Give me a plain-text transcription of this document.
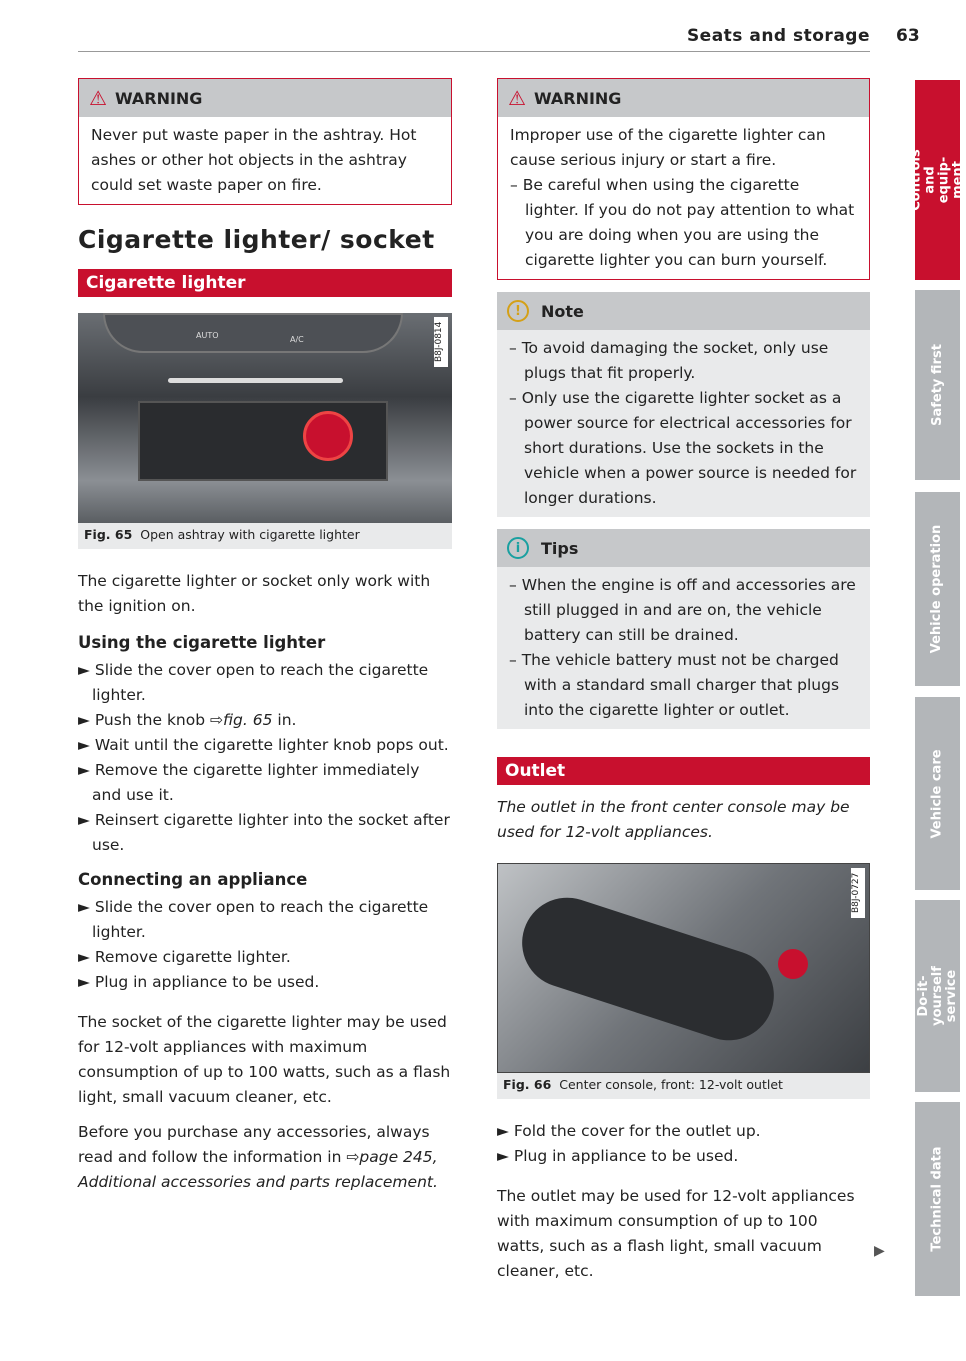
Seats and storage 63
⚠ WARNING
Never put waste paper in the ashtray. Hot ashes or other hot objects in the ashtray could set waste paper on fire.
Cigarette lighter/ socket
Cigarette lighter
AUTO	A/C	B8J-0814
Fig. 65 Open ashtray with cigarette lighter

The cigarette lighter or socket only work with the ignition on.

Using the cigarette lighter
► Slide the cover open to reach the cigarette lighter.
► Push the knob ⇨fig. 65 in.
► Wait until the cigarette lighter knob pops out.
► Remove the cigarette lighter immediately and use it.
► Reinsert cigarette lighter into the socket after use.
Connecting an appliance
► Slide the cover open to reach the cigarette lighter.
► Remove cigarette lighter.
► Plug in appliance to be used.

The socket of the cigarette lighter may be used for 12-volt appliances with maximum consumption of up to 100 watts, such as a flash light, small vacuum cleaner, etc.

Before you purchase any accessories, always read and follow the information in ⇨page 245, Additional accessories and parts replacement.

⚠ WARNING
Improper use of the cigarette lighter can cause serious injury or start a fire.
– Be careful when using the cigarette lighter. If you do not pay attention to what you are doing when you are using the cigarette lighter you can burn yourself.
!	Note
– To avoid damaging the socket, only use plugs that fit properly.
– Only use the cigarette lighter socket as a power source for electrical accessories for short durations. Use the sockets in the vehicle when a power source is needed for longer durations.
i	Tips
– When the engine is off and accessories are still plugged in and are on, the vehicle battery can still be drained.
– The vehicle battery must not be charged with a standard small charger that plugs into the cigarette lighter or outlet.
Outlet

The outlet in the front center console may be used for 12-volt appliances.

B8J-0727
Fig. 66 Center console, front: 12-volt outlet
► Fold the cover for the outlet up.
► Plug in appliance to be used.

The outlet may be used for 12-volt appliances with maximum consumption of up to 100 watts, such as a flash light, small vacuum cleaner, etc.

▶
Controls and equip- ment
Safety first
Vehicle operation
Vehicle care
Do-it-yourself service
Technical data
